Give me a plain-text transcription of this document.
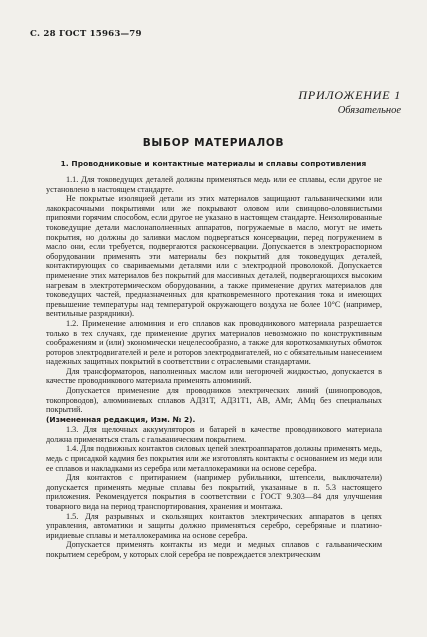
С. 28 ГОСТ 15963—79
ПРИЛОЖЕНИЕ 1
Обязательное
ВЫБОР МАТЕРИАЛОВ
1. Проводниковые и контактные материалы и сплавы сопротивления

1.1. Для токоведущих деталей должны применяться медь или ее сплавы, если другое не установлено в настоящем стандарте.

Не покрытые изоляцией детали из этих материалов защищают гальваническими или лакокрасочными покрытиями или же покрывают оловом или свинцово-оловянистыми припоями горячим способом, если другое не указано в настоящем стандарте. Неизолированные токоведущие детали маслонаполненных аппаратов, погружаемые в масло, могут не иметь покрытия, но должны до заливки маслом подвергаться консервации, перед погружением в масло они, если требуется, подвергаются расконсервации. Допускается в электрораспорном оборудовании применять эти материалы без покрытий для токоведущих деталей, контактирующих со свариваемыми деталями или с электродной проволокой. Допускается применение этих материалов без покрытий для массивных деталей, подвергающихся высоким нагревам в электротермическом оборудовании, а также применение других материалов для токоведущих частей, предназначенных для кратковременного протекания тока и имеющих превышение температуры над температурой окружающего воздуха не более 10°С (например, вентильные разрядники).

1.2. Применение алюминия и его сплавов как проводникового материала разрешается только в тех случаях, где применение других материалов невозможно по конструктивным соображениям и (или) экономически нецелесообразно, а также для короткозамкнутых обмоток роторов электродвигателей и реле и роторов электродвигателей, но с обязательным нанесением надежных защитных покрытий в соответствии с отраслевыми стандартами.

Для трансформаторов, наполненных маслом или негорючей жидкостью, допускается в качестве проводникового материала применять алюминий.

Допускается применение для проводников электрических линий (шинопроводов, токопроводов), алюминиевых сплавов АД31Т, АД31Т1, АВ, АМг, АМц без специальных покрытий.

(Измененная редакция, Изм. № 2).

1.3. Для щелочных аккумуляторов и батарей в качестве проводникового материала должна применяться сталь с гальваническим покрытием.

1.4. Для подвижных контактов силовых цепей электроаппаратов должны применять медь, медь с присадкой кадмия без покрытия или же изготовлять контакты с основанием из меди или ее сплавов и накладками из серебра или металлокерамики на основе серебра.

Для контактов с притиранием (например рубильники, штепсели, выключатели) допускается применять медные сплавы без покрытий, указанные в п. 5.3 настоящего приложения. Рекомендуется покрытия в соответствии с ГОСТ 9.303—84 для улучшения товарного вида на период транспортирования, хранения и монтажа.

1.5. Для разрывных и скользящих контактов электрических аппаратов в цепях управления, автоматики и защиты должно применяться серебро, серебряные и платино-иридиевые сплавы и металлокерамика на основе серебра.

Допускается применять контакты из меди и медных сплавов с гальваническим покрытием серебром, у которых слой серебра не повреждается электрическим
